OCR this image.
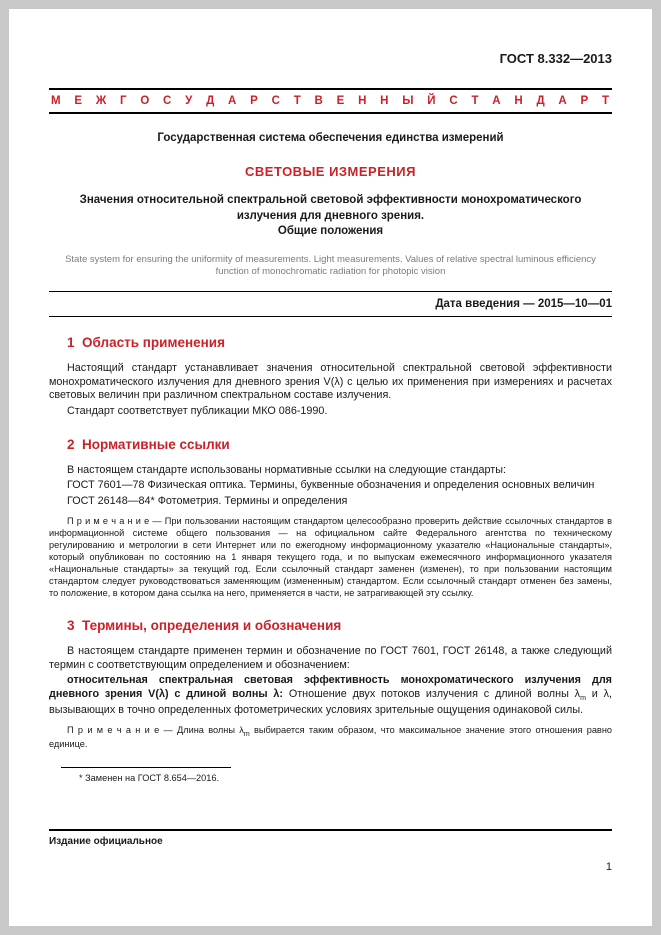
ГОСТ 8.332—2013
М Е Ж Г О С У Д А Р С Т В Е Н Н Ы Й С Т А Н Д А Р Т
Государственная система обеспечения единства измерений
СВЕТОВЫЕ ИЗМЕРЕНИЯ
Значения относительной спектральной световой эффективности монохроматического излучения для дневного зрения.
Общие положения
State system for ensuring the uniformity of measurements. Light measurements. Values of relative spectral luminous efficiency function of monochromatic radiation for photopic vision
Дата введения — 2015—10—01
1  Область применения

Настоящий стандарт устанавливает значения относительной спектральной световой эффективности монохроматического излучения для дневного зрения V(λ) с целью их применения при измерениях и расчетах световых величин при различном спектральном составе излучения.

Стандарт соответствует публикации МКО 086-1990.

2  Нормативные ссылки

В настоящем стандарте использованы нормативные ссылки на следующие стандарты:

ГОСТ 7601—78 Физическая оптика. Термины, буквенные обозначения и определения основных величин

ГОСТ 26148—84* Фотометрия. Термины и определения

П р и м е ч а н и е — При пользовании настоящим стандартом целесообразно проверить действие ссылочных стандартов в информационной системе общего пользования — на официальном сайте Федерального агентства по техническому регулированию и метрологии в сети Интернет или по ежегодному информационному указателю «Национальные стандарты», который опубликован по состоянию на 1 января текущего года, и по выпускам ежемесячного информационного указателя «Национальные стандарты» за текущий год. Если ссылочный стандарт заменен (изменен), то при пользовании настоящим стандартом следует руководствоваться заменяющим (измененным) стандартом. Если ссылочный стандарт отменен без замены, то положение, в котором дана ссылка на него, применяется в части, не затрагивающей эту ссылку.

3  Термины, определения и обозначения

В настоящем стандарте применен термин и обозначение по ГОСТ 7601, ГОСТ 26148, а также следующий термин с соответствующим определением и обозначением:

относительная спектральная световая эффективность монохроматического излучения для дневного зрения V(λ) с длиной волны λ: Отношение двух потоков излучения с длиной волны $\lambda_m$ и λ, вызывающих в точно определенных фотометрических условиях зрительные ощущения одинаковой силы.

П р и м е ч а н и е — Длина волны $\lambda_m$ выбирается таким образом, что максимальное значение этого отношения равно единице.

* Заменен на ГОСТ 8.654—2016.
Издание официальное
1
